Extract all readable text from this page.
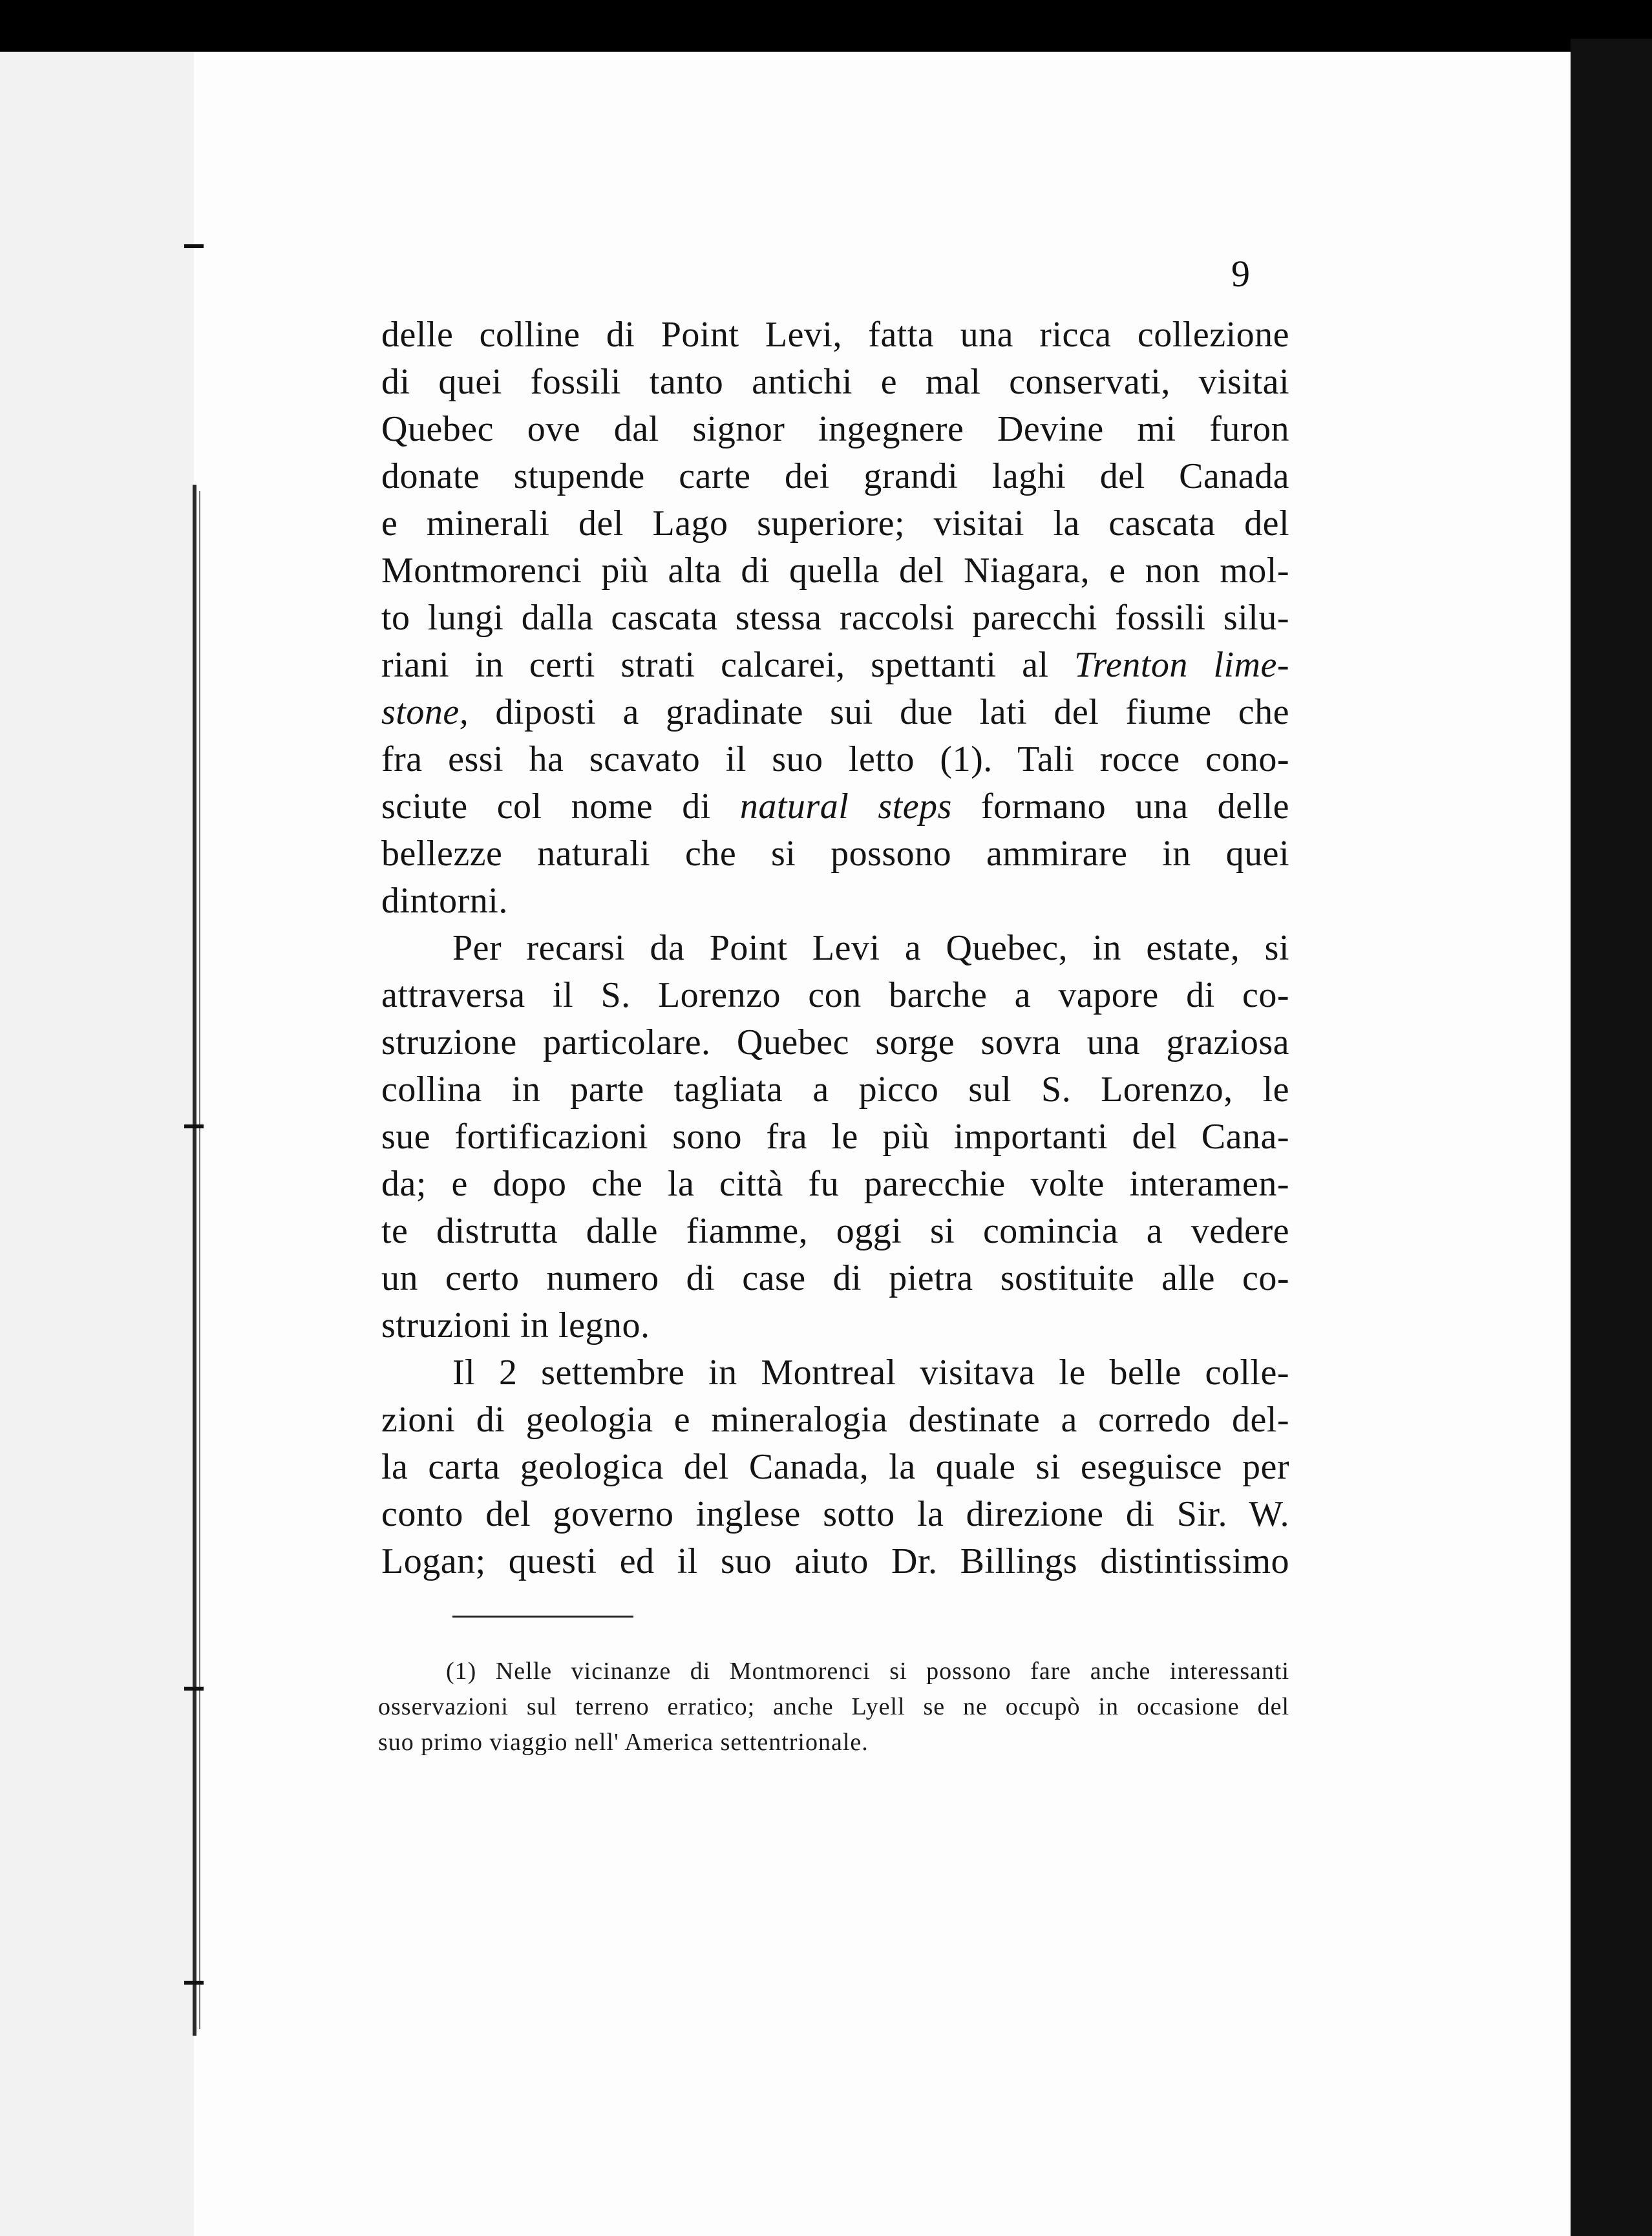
9
delle colline di Point Levi, fatta una ricca collezione
di quei fossili tanto antichi e mal conservati, visitai
Quebec ove dal signor ingegnere Devine mi furon
donate stupende carte dei grandi laghi del Canada
e minerali del Lago superiore; visitai la cascata del
Montmorenci più alta di quella del Niagara, e non mol-
to lungi dalla cascata stessa raccolsi parecchi fossili silu-
riani in certi strati calcarei, spettanti al Trenton lime-
stone, diposti a gradinate sui due lati del fiume che
fra essi ha scavato il suo letto (1). Tali rocce cono-
sciute col nome di natural steps formano una delle
bellezze naturali che si possono ammirare in quei
dintorni.
Per recarsi da Point Levi a Quebec, in estate, si
attraversa il S. Lorenzo con barche a vapore di co-
struzione particolare. Quebec sorge sovra una graziosa
collina in parte tagliata a picco sul S. Lorenzo, le
sue fortificazioni sono fra le più importanti del Cana-
da; e dopo che la città fu parecchie volte interamen-
te distrutta dalle fiamme, oggi si comincia a vedere
un certo numero di case di pietra sostituite alle co-
struzioni in legno.
Il 2 settembre in Montreal visitava le belle colle-
zioni di geologia e mineralogia destinate a corredo del-
la carta geologica del Canada, la quale si eseguisce per
conto del governo inglese sotto la direzione di Sir. W.
Logan; questi ed il suo aiuto Dr. Billings distintissimo
(1) Nelle vicinanze di Montmorenci si possono fare anche interessanti
osservazioni sul terreno erratico; anche Lyell se ne occupò in occasione del
suo primo viaggio nell' America settentrionale.
